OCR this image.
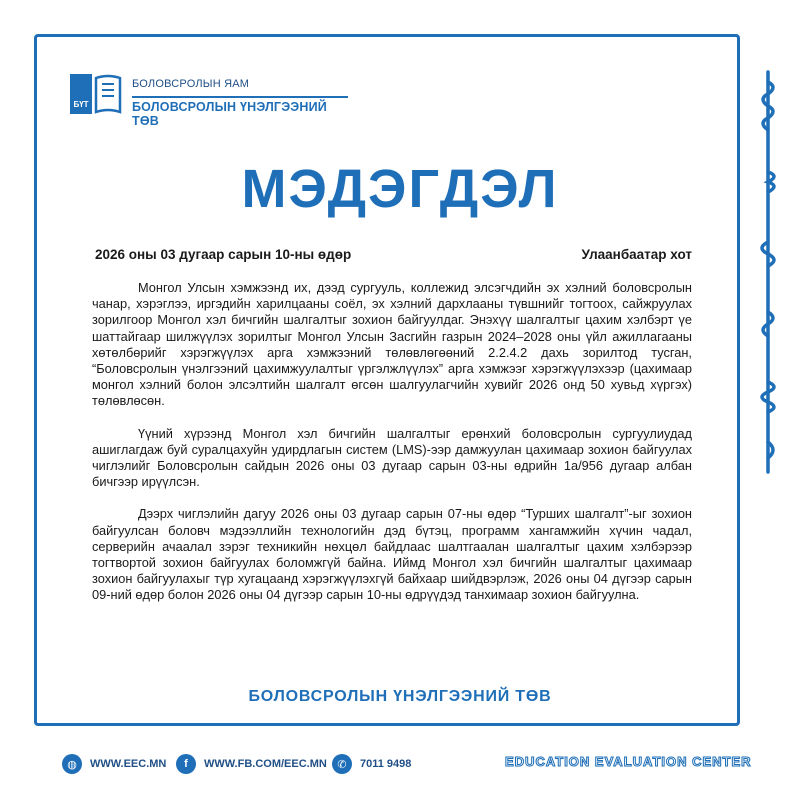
БҮТ
БОЛОВСРОЛЫН ЯАМ
БОЛОВСРОЛЫН ҮНЭЛГЭЭНИЙ ТӨВ
МЭДЭГДЭЛ
2026 оны 03 дугаар сарын 10-ны өдөр	Улаанбаатар хот

Монгол Улсын хэмжээнд их, дээд сургууль, коллежид элсэгчдийн эх хэлний боловсролын чанар, хэрэглээ, иргэдийн харилцааны соёл, эх хэлний дархлааны түвшнийг тогтоох, сайжруулах зорилгоор Монгол хэл бичгийн шалгалтыг зохион байгуулдаг. Энэхүү шалгалтыг цахим хэлбэрт үе шаттайгаар шилжүүлэх зорилтыг Монгол Улсын Засгийн газрын 2024–2028 оны үйл ажиллагааны хөтөлбөрийг хэрэгжүүлэх арга хэмжээний төлөвлөгөөний 2.2.4.2 дахь зорилтод тусган, “Боловсролын үнэлгээний цахимжуулалтыг үргэлжлүүлэх” арга хэмжээг хэрэгжүүлэхээр (цахимаар монгол хэлний болон элсэлтийн шалгалт өгсөн шалгуулагчийн хувийг 2026 онд 50 хувьд хүргэх) төлөвлөсөн.

Үүний хүрээнд Монгол хэл бичгийн шалгалтыг ерөнхий боловсролын сургуулиудад ашиглагдаж буй суралцахуйн удирдлагын систем (LMS)-ээр дамжуулан цахимаар зохион байгуулах чиглэлийг Боловсролын сайдын 2026 оны 03 дугаар сарын 03-ны өдрийн 1а/956 дугаар албан бичгээр ирүүлсэн.

Дээрх чиглэлийн дагуу 2026 оны 03 дугаар сарын 07-ны өдөр “Турших шалгалт”-ыг зохион байгуулсан боловч мэдээллийн технологийн дэд бүтэц, программ хангамжийн хүчин чадал, серверийн ачаалал зэрэг техникийн нөхцөл байдлаас шалтгаалан шалгалтыг цахим хэлбэрээр тогтвортой зохион байгуулах боломжгүй байна. Иймд Монгол хэл бичгийн шалгалтыг цахимаар зохион байгуулахыг түр хугацаанд хэрэгжүүлэхгүй байхаар шийдвэрлэж, 2026 оны 04 дүгээр сарын 09-ний өдөр болон 2026 оны 04 дүгээр сарын 10-ны өдрүүдэд танхимаар зохион байгуулна.

БОЛОВСРОЛЫН ҮНЭЛГЭЭНИЙ ТӨВ
◍	WWW.EEC.MN	f	WWW.FB.COM/EEC.MN ✆	7011 9498	EDUCATION EVALUATION CENTER
